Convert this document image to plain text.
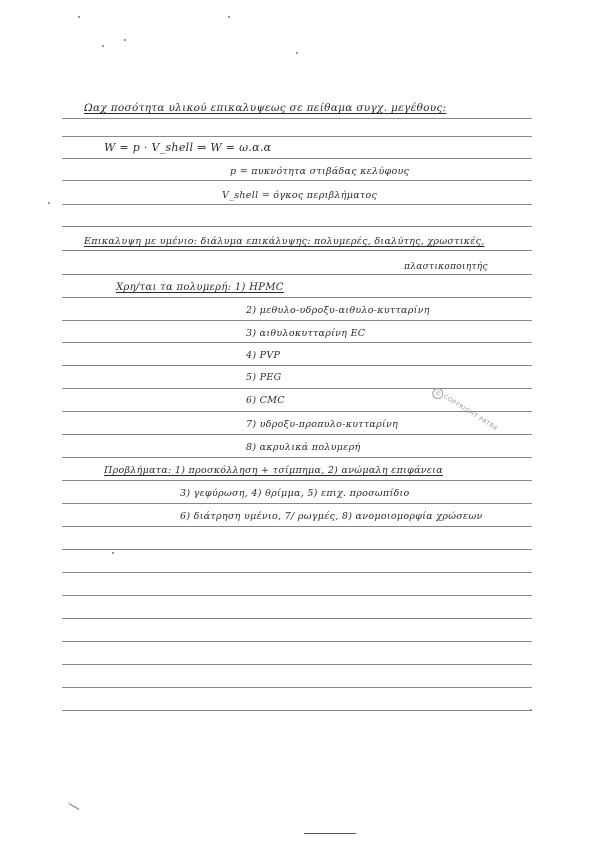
Ωαχ ποσότητα υλικού επικαλυψεως σε πείθαμα συγχ. μεγέθους:
W = p · V_shell ⇒ W = ω.α.α
p = πυκνότητα στιβάδας κελύφους
V_shell = όγκος περιβλήματος
Επικαλυψη με υμένιο: διάλυμα επικάλυψης: πολυμερές, διαλύτης, χρωστικές,
πλαστικοποιητής
Χρη/ται τα πολυμερή: 1) HPMC
2) μεθυλο-υδροξυ-αιθυλο-κυτταρίνη
3) αιθυλοκυτταρίνη EC
4) PVP
5) PEG
6) CMC
7) υδροξυ-προπυλο-κυτταρίνη
8) ακρυλικά πολυμερή
Προβλήματα: 1) προσκόλληση + τσίμπημα, 2) ανώμαλη επιφάνεια
3) γεφύρωση, 4) θρίμμα, 5) επιχ. προσωπίδιο
6) διάτρηση υμένιο, 7/ ρωγμές, 8) ανομοιομορφία χρώσεων
© COPYRIGHT PATRA
